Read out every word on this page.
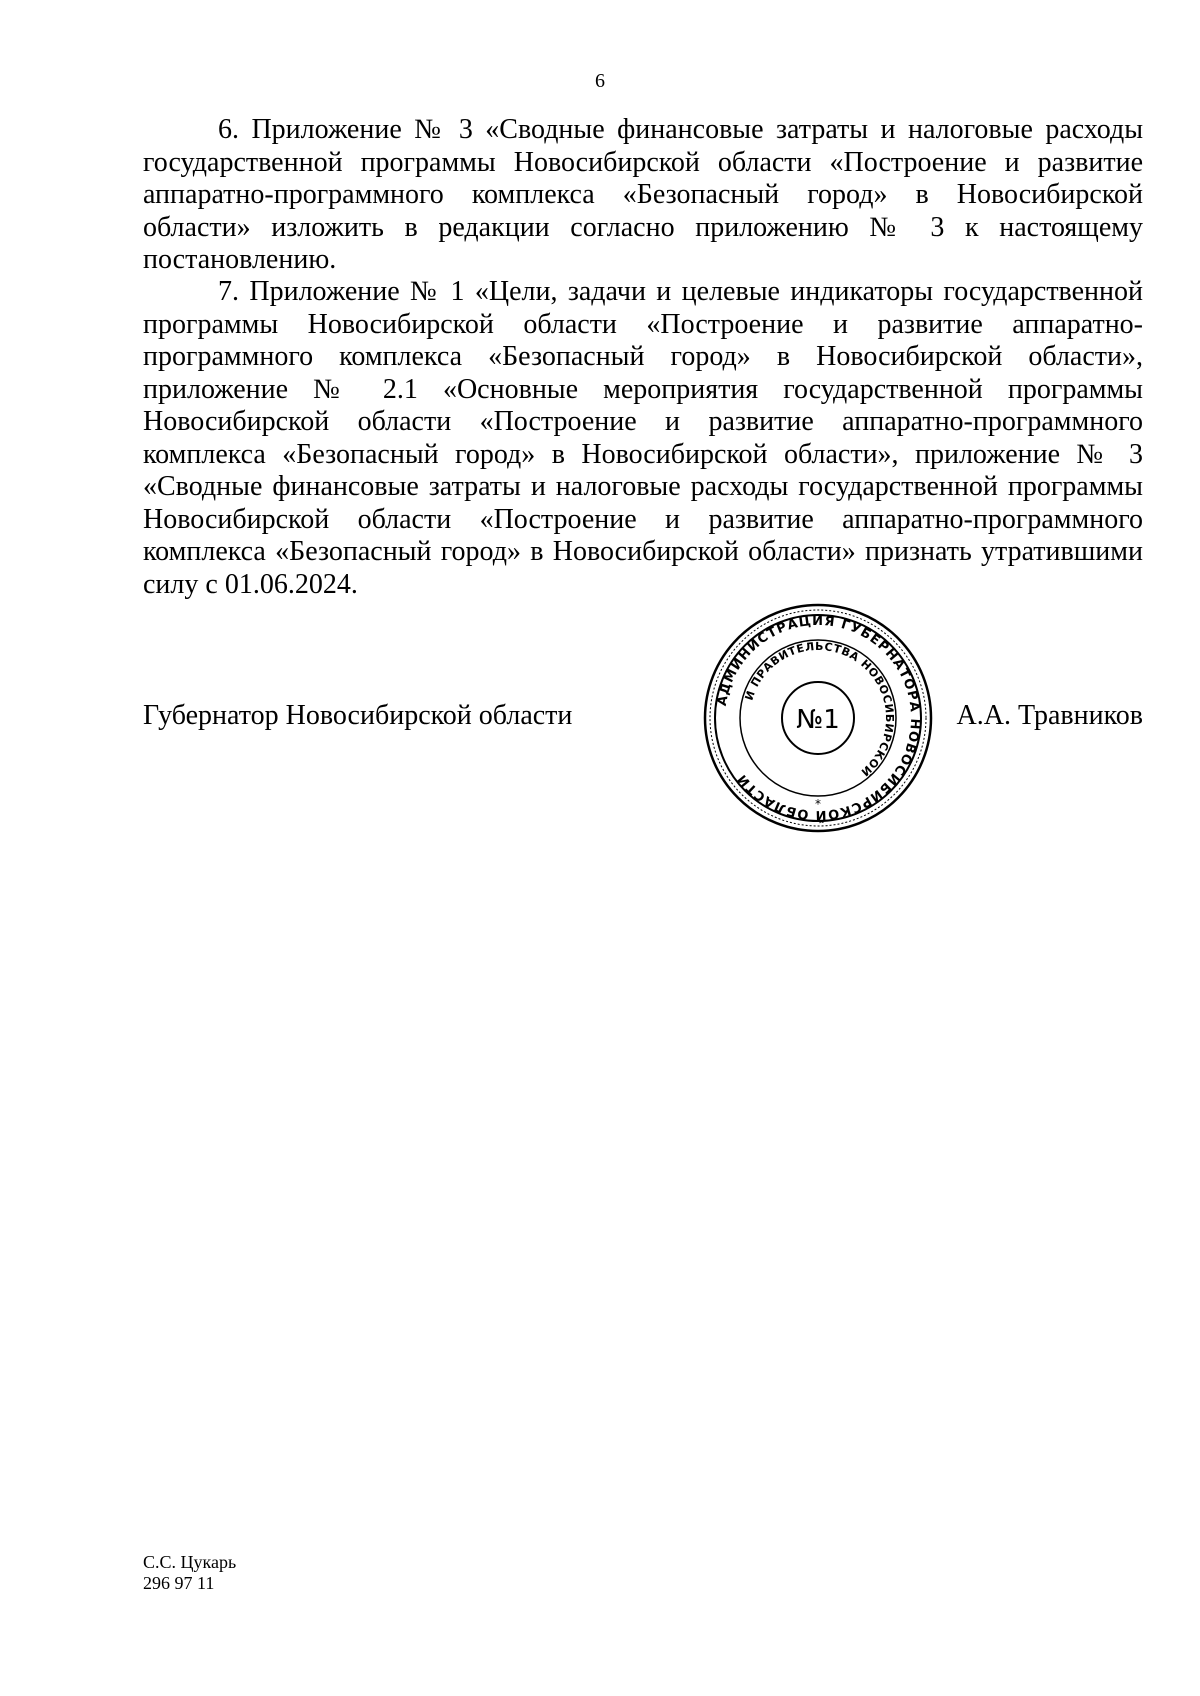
6

6. Приложение № 3 «Сводные финансовые затраты и налоговые расходы государственной программы Новосибирской области «Построение и развитие аппаратно-программного комплекса «Безопасный город» в Новосибирской области» изложить в редакции согласно приложению № 3 к настоящему постановлению.

7. Приложение № 1 «Цели, задачи и целевые индикаторы государственной программы Новосибирской области «Построение и развитие аппаратно-программного комплекса «Безопасный город» в Новосибирской области», приложение № 2.1 «Основные мероприятия государственной программы Новосибирской области «Построение и развитие аппаратно-программного комплекса «Безопасный город» в Новосибирской области», приложение № 3 «Сводные финансовые затраты и налоговые расходы государственной программы Новосибирской области «Построение и развитие аппаратно-программного комплекса «Безопасный город» в Новосибирской области» признать утратившими силу с 01.06.2024.

Губернатор Новосибирской области	А.А. Травников
АДМИНИСТРАЦИЯ ГУБЕРНАТОРА НОВОСИБИРСКОЙ ОБЛАСТИ
И ПРАВИТЕЛЬСТВА НОВОСИБИРСКОЙ
№1
*
С.С. Цукарь
296 97 11
